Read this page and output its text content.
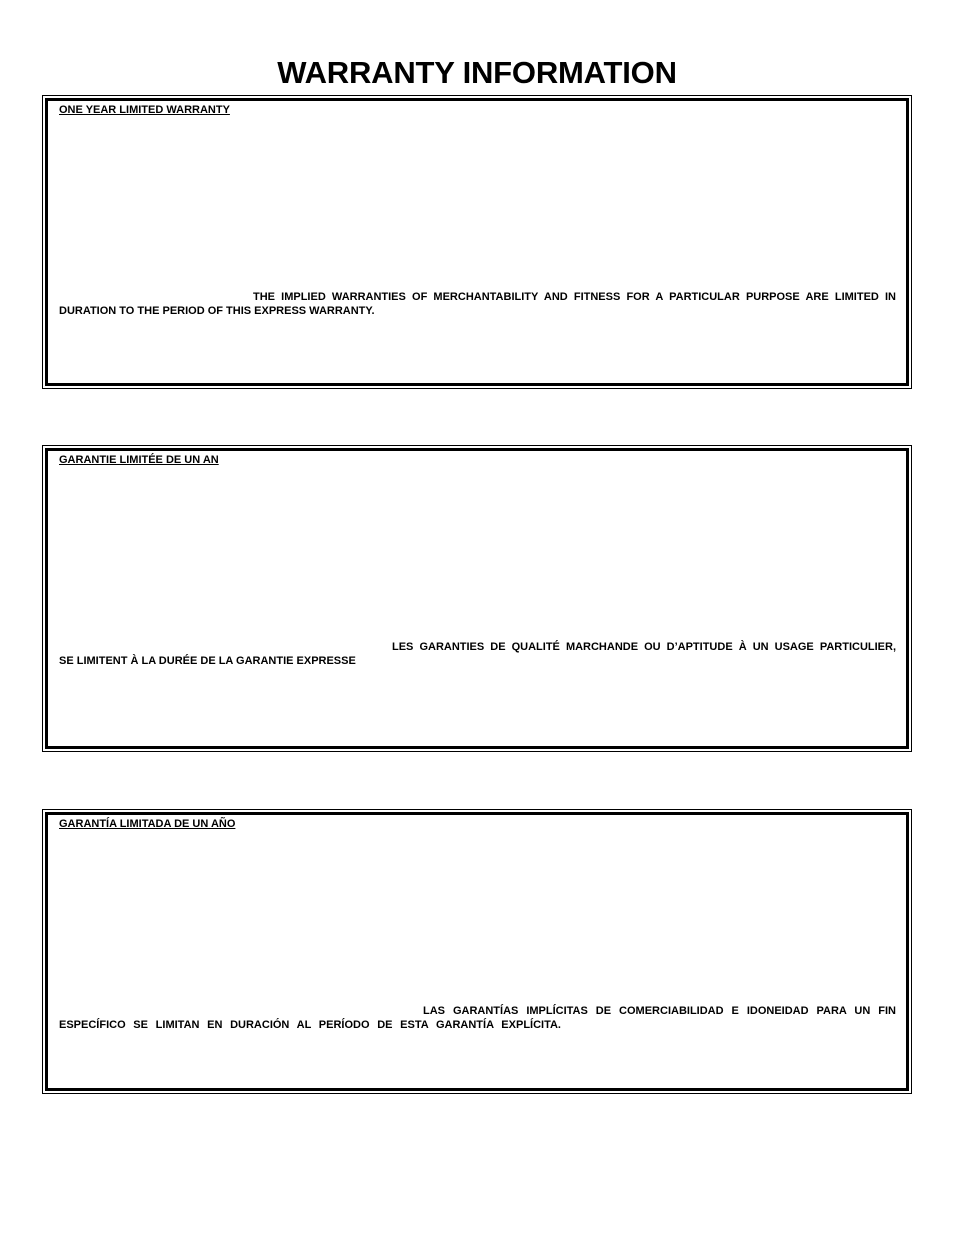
WARRANTY INFORMATION
ONE YEAR LIMITED WARRANTY
THE IMPLIED WARRANTIES OF MERCHANTABILITY AND FITNESS FOR A PARTICULAR PURPOSE ARE LIMITED IN
DURATION TO THE PERIOD OF THIS EXPRESS WARRANTY.
GARANTIE LIMITÉE DE UN AN
LES GARANTIES DE QUALITÉ MARCHANDE OU D’APTITUDE À UN USAGE PARTICULIER,
SE LIMITENT À LA DURÉE DE LA GARANTIE EXPRESSE
GARANTÍA LIMITADA DE UN AÑO
LAS GARANTÍAS IMPLÍCITAS DE COMERCIABILIDAD E IDONEIDAD PARA UN FIN
ESPECÍFICO SE LIMITAN EN DURACIÓN AL PERÍODO DE ESTA GARANTÍA EXPLÍCITA.
